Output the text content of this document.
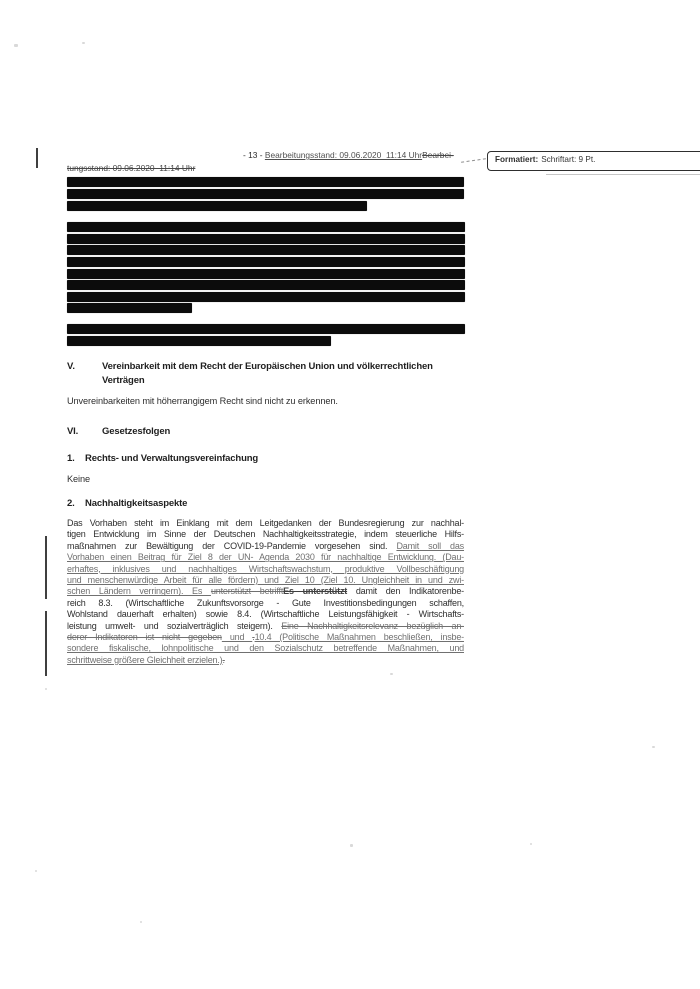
- 13 - Bearbeitungsstand: 09.06.2020  11:14 UhrBearbei-
tungsstand: 09.06.2020  11:14 Uhr
Formatiert: Schriftart: 9 Pt.
V.	Vereinbarkeit mit dem Recht der Europäischen Union und völkerrechtlichen
Verträgen
Unvereinbarkeiten mit höherrangigem Recht sind nicht zu erkennen.
VI.	Gesetzesfolgen
1. Rechts- und Verwaltungsvereinfachung
Keine
2. Nachhaltigkeitsaspekte
Das Vorhaben steht im Einklang mit dem Leitgedanken der Bundesregierung zur nachhal-
tigen Entwicklung im Sinne der Deutschen Nachhaltigkeitsstrategie, indem steuerliche Hilfs-
maßnahmen zur Bewältigung der COVID-19-Pandemie vorgesehen sind. Damit soll das
Vorhaben einen Beitrag für Ziel 8 der UN- Agenda 2030 für nachhaltige Entwicklung. (Dau-
erhaftes, inklusives und nachhaltiges Wirtschaftswachstum, produktive Vollbeschäftigung
und menschenwürdige Arbeit für alle fördern) und Ziel 10 (Ziel 10. Ungleichheit in und zwi-
schen Ländern verringern). Es unterstützt betrifftEs unterstützt damit den Indikatorenbe-
reich 8.3. (Wirtschaftliche Zukunftsvorsorge - Gute Investitionsbedingungen schaffen,
Wohlstand dauerhaft erhalten) sowie 8.4. (Wirtschaftliche Leistungsfähigkeit - Wirtschafts-
leistung umwelt- und sozialverträglich steigern). Eine Nachhaltigkeitsrelevanz bezüglich an-
derer Indikatoren ist nicht gegeben und .10.4 (Politische Maßnahmen beschließen, insbe-
sondere fiskalische, lohnpolitische und den Sozialschutz betreffende Maßnahmen, und
schrittweise größere Gleichheit erzielen.).
